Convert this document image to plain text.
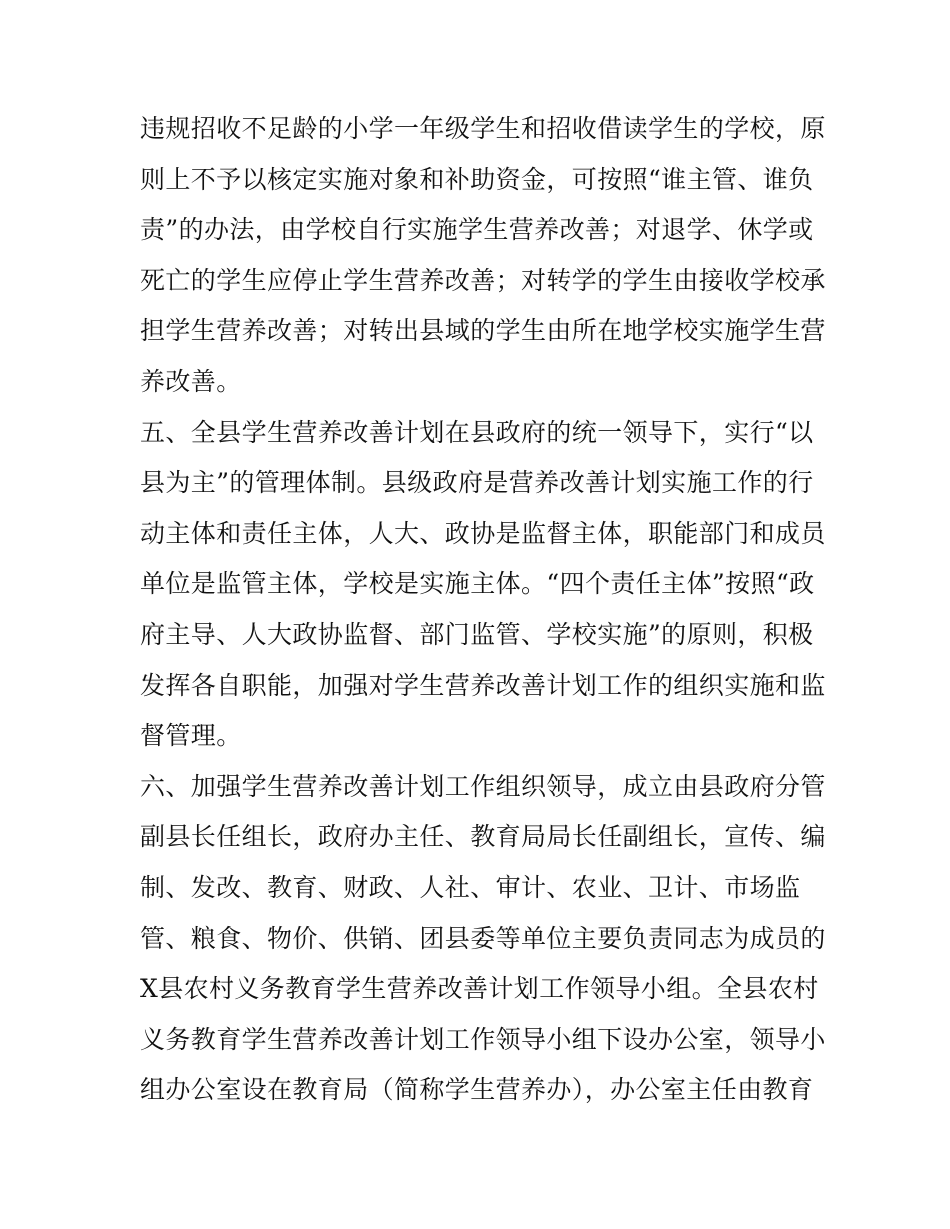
违规招收不足龄的小学一年级学生和招收借读学生的学校，原
则上不予以核定实施对象和补助资金，可按照“谁主管、谁负
责”的办法，由学校自行实施学生营养改善；对退学、休学或
死亡的学生应停止学生营养改善；对转学的学生由接收学校承
担学生营养改善；对转出县域的学生由所在地学校实施学生营
养改善。
五、全县学生营养改善计划在县政府的统一领导下，实行“以
县为主”的管理体制。县级政府是营养改善计划实施工作的行
动主体和责任主体，人大、政协是监督主体，职能部门和成员
单位是监管主体，学校是实施主体。“四个责任主体”按照“政
府主导、人大政协监督、部门监管、学校实施”的原则，积极
发挥各自职能，加强对学生营养改善计划工作的组织实施和监
督管理。
六、加强学生营养改善计划工作组织领导，成立由县政府分管
副县长任组长，政府办主任、教育局局长任副组长，宣传、编
制、发改、教育、财政、人社、审计、农业、卫计、市场监
管、粮食、物价、供销、团县委等单位主要负责同志为成员的
X县农村义务教育学生营养改善计划工作领导小组。全县农村
义务教育学生营养改善计划工作领导小组下设办公室，领导小
组办公室设在教育局（简称学生营养办），办公室主任由教育
